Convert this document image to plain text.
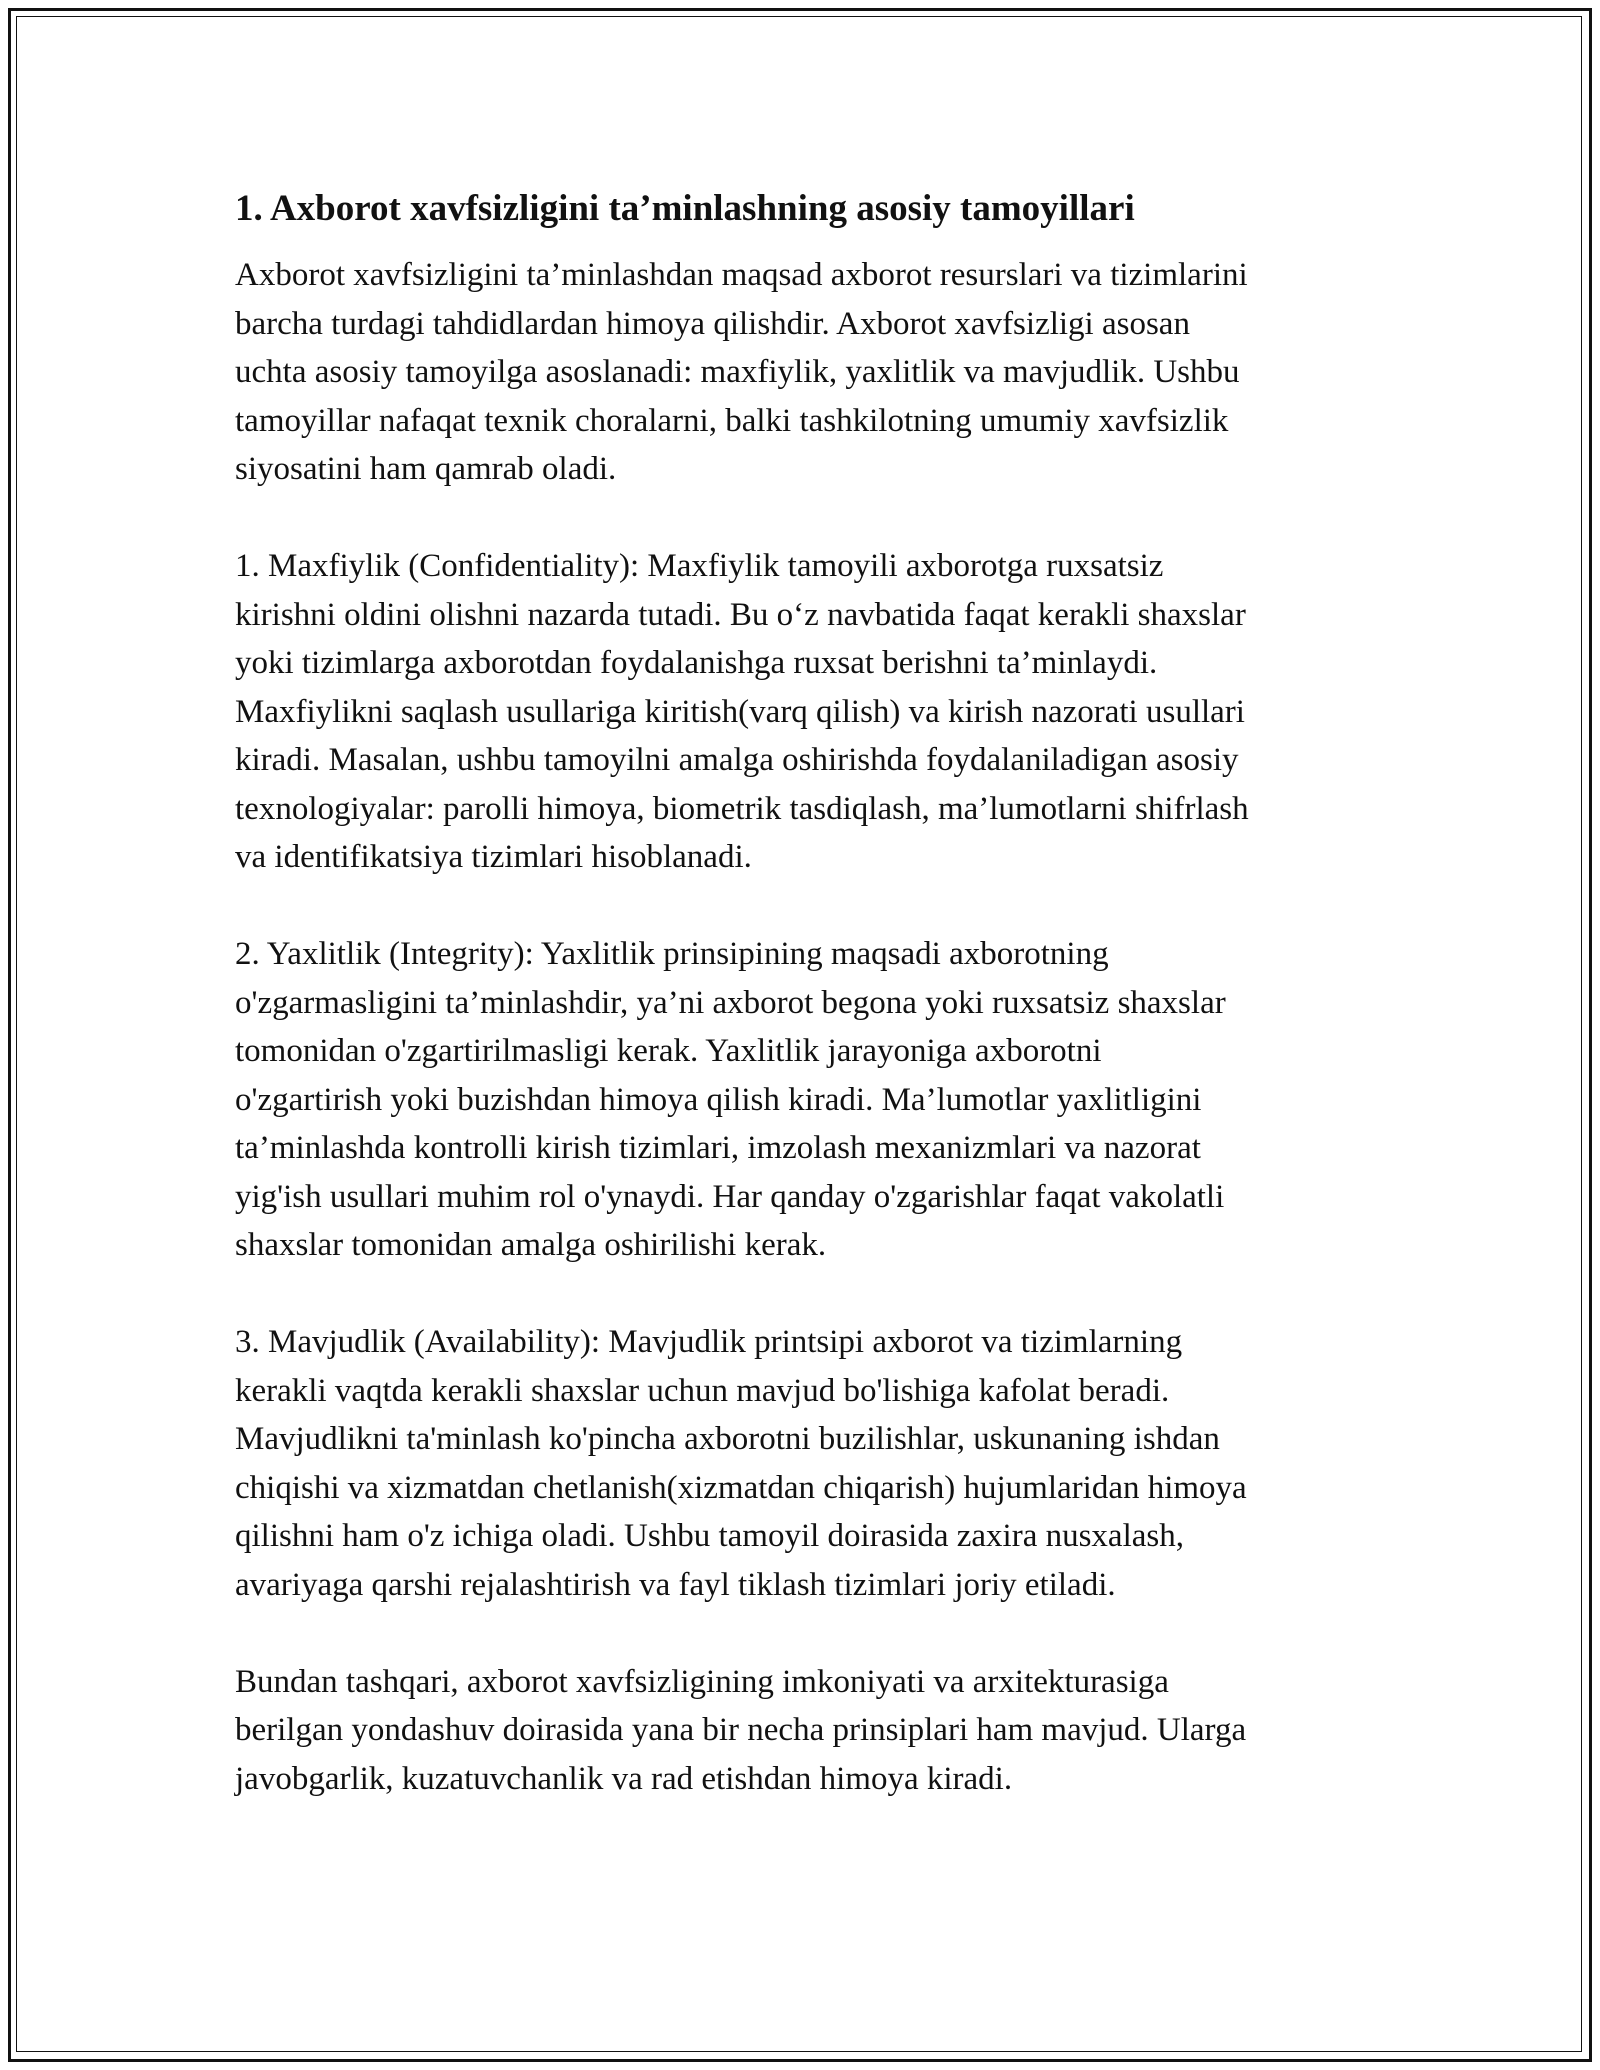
1. Axborot xavfsizligini ta’minlashning asosiy tamoyillari
Axborot xavfsizligini ta’minlashdan maqsad axborot resurslari va tizimlarini
barcha turdagi tahdidlardan himoya qilishdir. Axborot xavfsizligi asosan
uchta asosiy tamoyilga asoslanadi: maxfiylik, yaxlitlik va mavjudlik. Ushbu
tamoyillar nafaqat texnik choralarni, balki tashkilotning umumiy xavfsizlik
siyosatini ham qamrab oladi.
1. Maxfiylik (Confidentiality): Maxfiylik tamoyili axborotga ruxsatsiz
kirishni oldini olishni nazarda tutadi. Bu o‘z navbatida faqat kerakli shaxslar
yoki tizimlarga axborotdan foydalanishga ruxsat berishni ta’minlaydi.
Maxfiylikni saqlash usullariga kiritish(varq qilish) va kirish nazorati usullari
kiradi. Masalan, ushbu tamoyilni amalga oshirishda foydalaniladigan asosiy
texnologiyalar: parolli himoya, biometrik tasdiqlash, ma’lumotlarni shifrlash
va identifikatsiya tizimlari hisoblanadi.
2. Yaxlitlik (Integrity): Yaxlitlik prinsipining maqsadi axborotning
o'zgarmasligini ta’minlashdir, ya’ni axborot begona yoki ruxsatsiz shaxslar
tomonidan o'zgartirilmasligi kerak. Yaxlitlik jarayoniga axborotni
o'zgartirish yoki buzishdan himoya qilish kiradi. Ma’lumotlar yaxlitligini
ta’minlashda kontrolli kirish tizimlari, imzolash mexanizmlari va nazorat
yig'ish usullari muhim rol o'ynaydi. Har qanday o'zgarishlar faqat vakolatli
shaxslar tomonidan amalga oshirilishi kerak.
3. Mavjudlik (Availability): Mavjudlik printsipi axborot va tizimlarning
kerakli vaqtda kerakli shaxslar uchun mavjud bo'lishiga kafolat beradi.
Mavjudlikni ta'minlash ko'pincha axborotni buzilishlar, uskunaning ishdan
chiqishi va xizmatdan chetlanish(xizmatdan chiqarish) hujumlaridan himoya
qilishni ham o'z ichiga oladi. Ushbu tamoyil doirasida zaxira nusxalash,
avariyaga qarshi rejalashtirish va fayl tiklash tizimlari joriy etiladi.
Bundan tashqari, axborot xavfsizligining imkoniyati va arxitekturasiga
berilgan yondashuv doirasida yana bir necha prinsiplari ham mavjud. Ularga
javobgarlik, kuzatuvchanlik va rad etishdan himoya kiradi.
